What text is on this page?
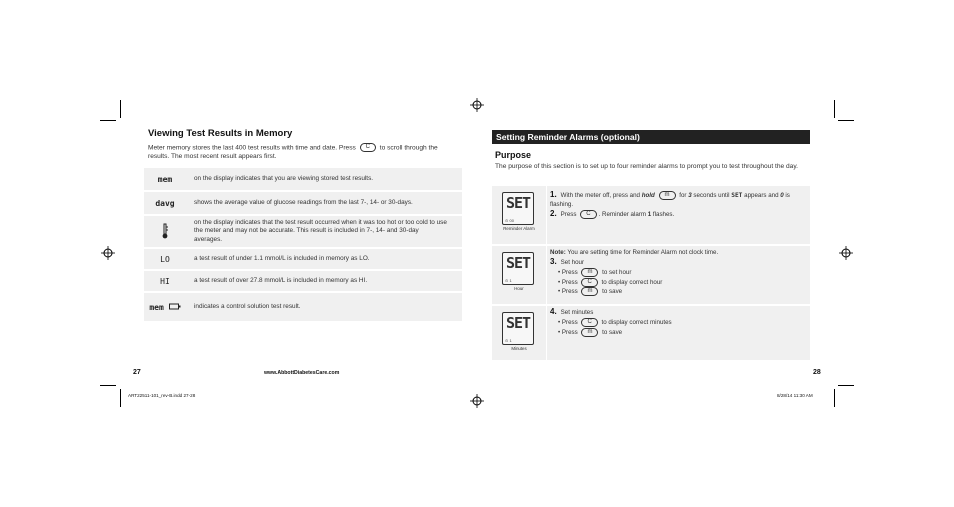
Viewing Test Results in Memory
Meter memory stores the last 400 test results with time and date. Press C to scroll through the results. The most recent result appears first.
mem	on the display indicates that you are viewing stored test results.
davg	shows the average value of glucose readings from the last 7-, 14- or 30-days.
	on the display indicates that the test result occurred when it was too hot or too cold to use the meter and may not be accurate. This result is included in 7-, 14- and 30-day averages.
LO	a test result of under 1.1 mmol/L is included in memory as LO.
HI	a test result of over 27.8 mmol/L is included in memory as HI.
mem	indicates a control solution test result.
27	www.AbbottDiabetesCare.com
ART22511-101_rev-B.indd 27-28
Setting Reminder Alarms (optional)
Purpose
The purpose of this section is to set up to four reminder alarms to prompt you to test throughout the day.
SET
⊙ 00
Reminder Alarm
1. With the meter off, press and hold m for 3 seconds until SET appears and 0 is flashing.
2. Press C . Reminder alarm 1 flashes.
SET
⊙ 1
Hour
Note: You are setting time for Reminder Alarm not clock time.
3. Set hour
• Press m to set hour
• Press C to display correct hour
• Press m to save
SET
⊙ 1
Minutes
4. Set minutes
• Press C to display correct minutes
• Press m to save
28
8/28/14 11:30 AM
